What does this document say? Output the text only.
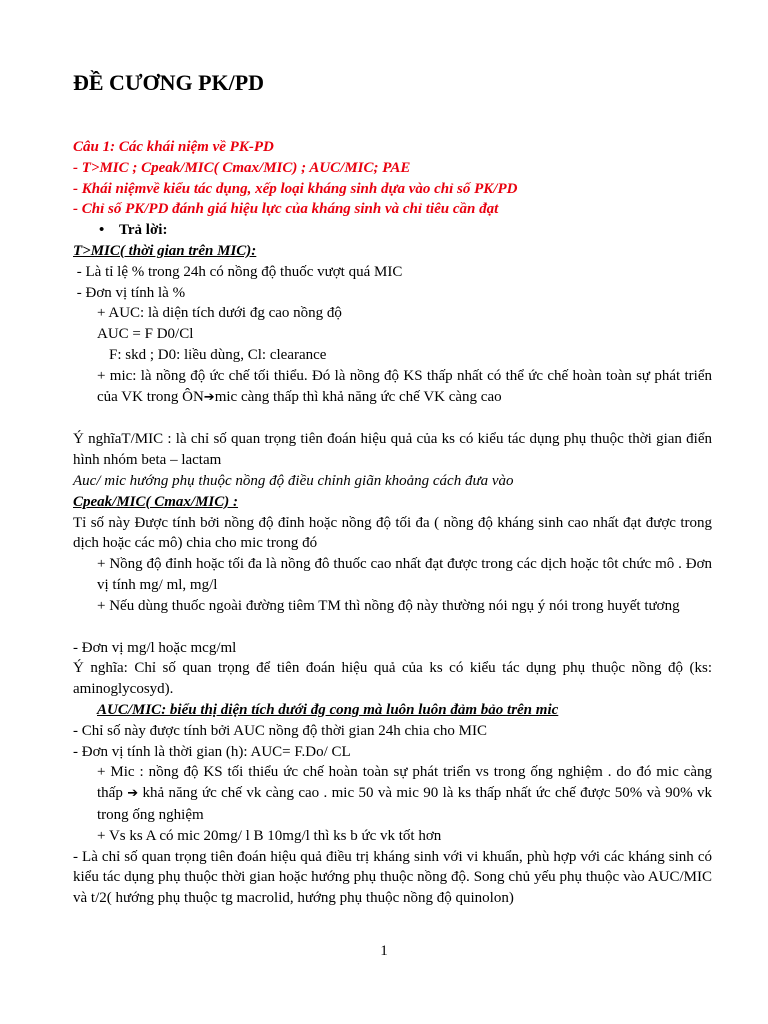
ĐỀ CƯƠNG PK/PD
Câu 1: Các khái niệm về PK-PD
- T>MIC ; Cpeak/MIC( Cmax/MIC) ; AUC/MIC; PAE
- Khái niệmvề kiểu tác dụng, xếp loại kháng sinh dựa vào chỉ số PK/PD
- Chỉ số PK/PD đánh giá hiệu lực của kháng sinh và chỉ tiêu cần đạt
• Trả lời:
T>MIC( thời gian trên MIC):
- Là tỉ lệ % trong 24h có nồng độ thuốc vượt quá MIC
- Đơn vị tính là %
+ AUC: là diện tích dưới đg cao nồng độ
AUC = F D0/Cl
F: skd ; D0: liều dùng, Cl: clearance
+ mic: là nồng độ ức chế tối thiểu. Đó là nồng độ KS thấp nhất có thể ức chế hoàn toàn sự phát triển của VK trong ÔN➔mic càng thấp thì khả năng ức chế VK càng cao
Ý nghĩaT/MIC : là chỉ số quan trọng tiên đoán hiệu quả của ks có kiểu tác dụng phụ thuộc thời gian điển hình nhóm beta – lactam
Auc/ mic hướng phụ thuộc nồng độ điều chỉnh giãn khoảng cách đưa vào
Cpeak/MIC( Cmax/MIC) :
Tỉ số này Được tính bởi nồng độ đỉnh hoặc nồng độ tối đa ( nồng độ kháng sinh cao nhất đạt được trong dịch hoặc các mô) chia cho mic trong đó
+ Nồng độ đỉnh hoặc tối đa là nồng đô thuốc cao nhất đạt được trong các dịch hoặc tôt chức mô . Đơn vị tính mg/ ml, mg/l
+ Nếu dùng thuốc ngoài đường tiêm TM thì nồng độ này thường nói ngụ ý nói trong huyết tương
- Đơn vị mg/l hoặc mcg/ml
Ý nghĩa: Chỉ số quan trọng để tiên đoán hiệu quả của ks có kiểu tác dụng phụ thuộc nồng độ (ks: aminoglycosyd).
AUC/MIC: biểu thị diện tích dưới đg cong mà luôn luôn đảm bảo trên mic
- Chỉ số này được tính bởi AUC nồng độ thời gian 24h chia cho MIC
- Đơn vị tính là thời gian (h): AUC= F.Do/ CL
+ Mic : nồng độ KS tối thiểu ức chế hoàn toàn sự phát triển vs trong ống nghiệm . do đó mic càng thấp ➔ khả năng ức chế vk càng cao . mic 50 và mic 90 là ks thấp nhất ức chế được 50% và 90% vk trong ống nghiệm
+ Vs ks A có mic 20mg/ l B 10mg/l thì ks b ức vk tốt hơn
- Là chỉ số quan trọng tiên đoán hiệu quả điều trị kháng sinh với vi khuẩn, phù hợp với các kháng sinh có kiểu tác dụng phụ thuộc thời gian hoặc hướng phụ thuộc nồng độ. Song chủ yếu phụ thuộc vào AUC/MIC và t/2( hướng phụ thuộc tg macrolid, hướng phụ thuộc nồng độ quinolon)
1
